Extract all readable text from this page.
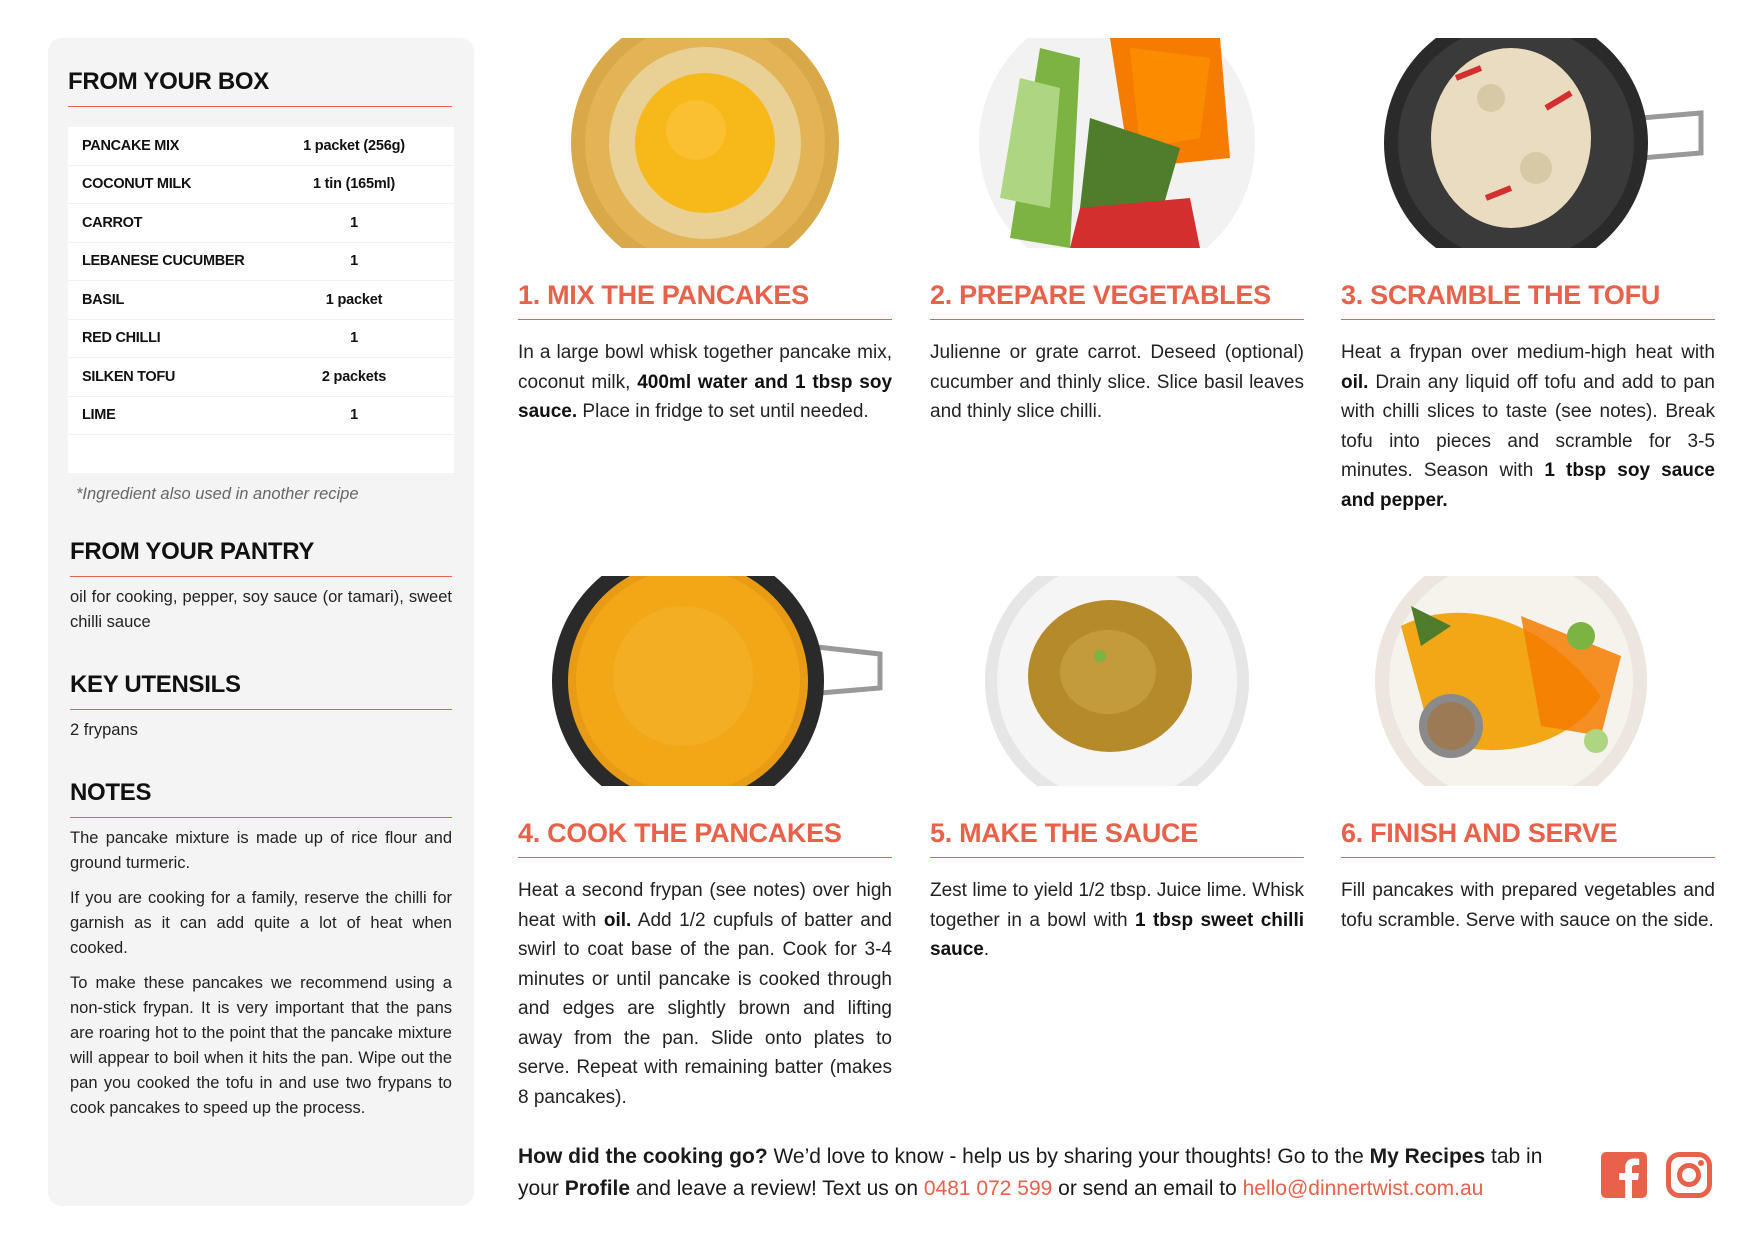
FROM YOUR BOX
PANCAKE MIX	1 packet (256g)
COCONUT MILK	1 tin (165ml)
CARROT	1
LEBANESE CUCUMBER	1
BASIL	1 packet
RED CHILLI	1
SILKEN TOFU	2 packets
LIME	1
*Ingredient also used in another recipe
FROM YOUR PANTRY
oil for cooking, pepper, soy sauce (or tamari), sweet chilli sauce
KEY UTENSILS
2 frypans
NOTES
The pancake mixture is made up of rice flour and ground turmeric.
If you are cooking for a family, reserve the chilli for garnish as it can add quite a lot of heat when cooked.
To make these pancakes we recommend using a non-stick frypan. It is very important that the pans are roaring hot to the point that the pancake mixture will appear to boil when it hits the pan. Wipe out the pan you cooked the tofu in and use two frypans to cook pancakes to speed up the process.
1. MIX THE PANCAKES
In a large bowl whisk together pancake mix, coconut milk, 400ml water and 1 tbsp soy sauce. Place in fridge to set until needed.
2. PREPARE VEGETABLES
Julienne or grate carrot. Deseed (optional) cucumber and thinly slice. Slice basil leaves and thinly slice chilli.
3. SCRAMBLE THE TOFU
Heat a frypan over medium-high heat with oil. Drain any liquid off tofu and add to pan with chilli slices to taste (see notes). Break tofu into pieces and scramble for 3-5 minutes. Season with 1 tbsp soy sauce and pepper.
4. COOK THE PANCAKES
Heat a second frypan (see notes) over high heat with oil. Add 1/2 cupfuls of batter and swirl to coat base of the pan. Cook for 3-4 minutes or until pancake is cooked through and edges are slightly brown and lifting away from the pan. Slide onto plates to serve. Repeat with remaining batter (makes 8 pancakes).
5. MAKE THE SAUCE
Zest lime to yield 1/2 tbsp. Juice lime. Whisk together in a bowl with 1 tbsp sweet chilli sauce.
6. FINISH AND SERVE
Fill pancakes with prepared vegetables and tofu scramble. Serve with sauce on the side.
How did the cooking go? We’d love to know - help us by sharing your thoughts! Go to the My Recipes tab in your Profile and leave a review! Text us on 0481 072 599 or send an email to hello@dinnertwist.com.au
